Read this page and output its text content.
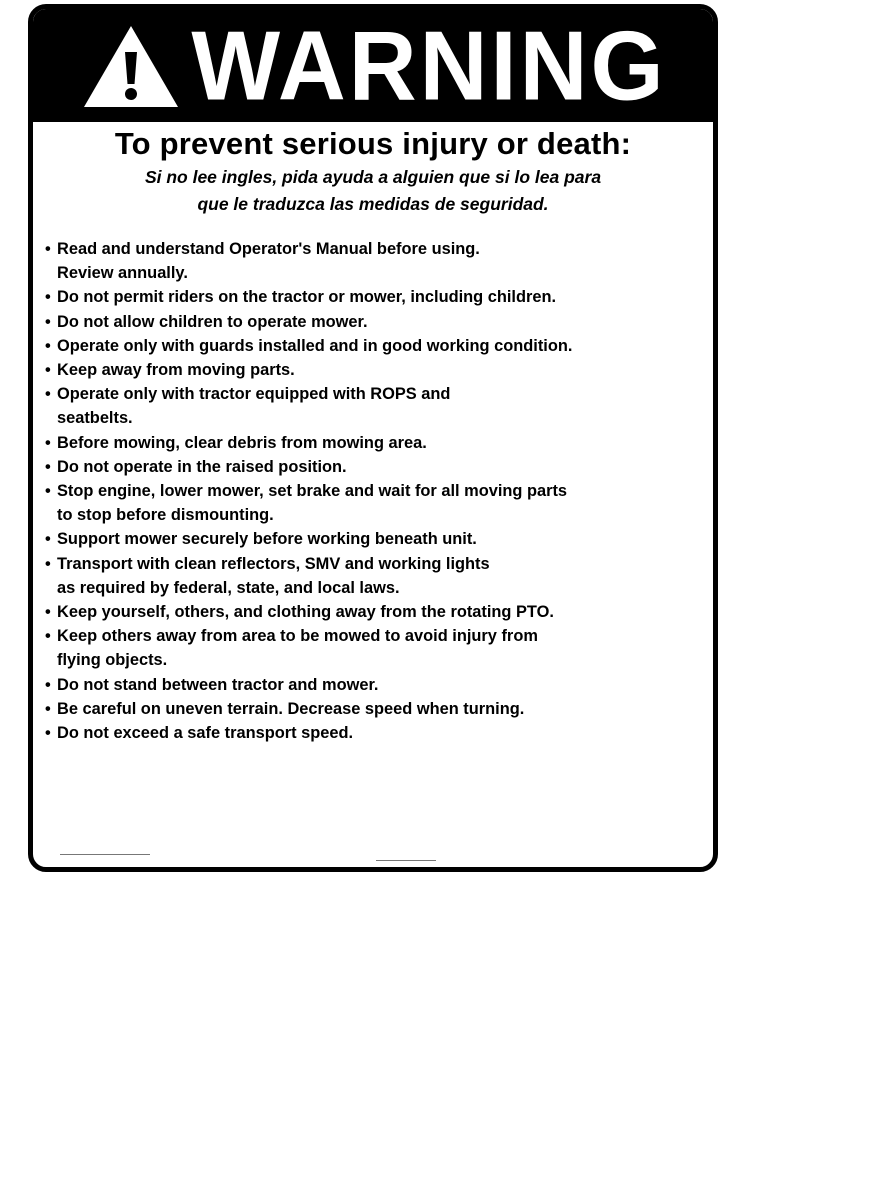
WARNING
To prevent serious injury or death:
Si no lee ingles, pida ayuda a alguien que si lo lea para
que le traduzca las medidas de seguridad.
• Read and understand Operator's Manual before using.
Review annually.
• Do not permit riders on the tractor or mower, including children.
• Do not allow children to operate mower.
• Operate only with guards installed and in good working condition.
• Keep away from moving parts.
• Operate only with tractor equipped with ROPS and
seatbelts.
• Before mowing, clear debris from mowing area.
• Do not operate in the raised position.
• Stop engine, lower mower, set brake and wait for all moving parts
to stop before dismounting.
• Support mower securely before working beneath unit.
• Transport with clean reflectors, SMV and working lights
as required by federal, state, and local laws.
• Keep yourself, others, and clothing away from the rotating PTO.
• Keep others away from area to be mowed to avoid injury from
flying objects.
• Do not stand between tractor and mower.
• Be careful on uneven terrain. Decrease speed when turning.
• Do not exceed a safe transport speed.
